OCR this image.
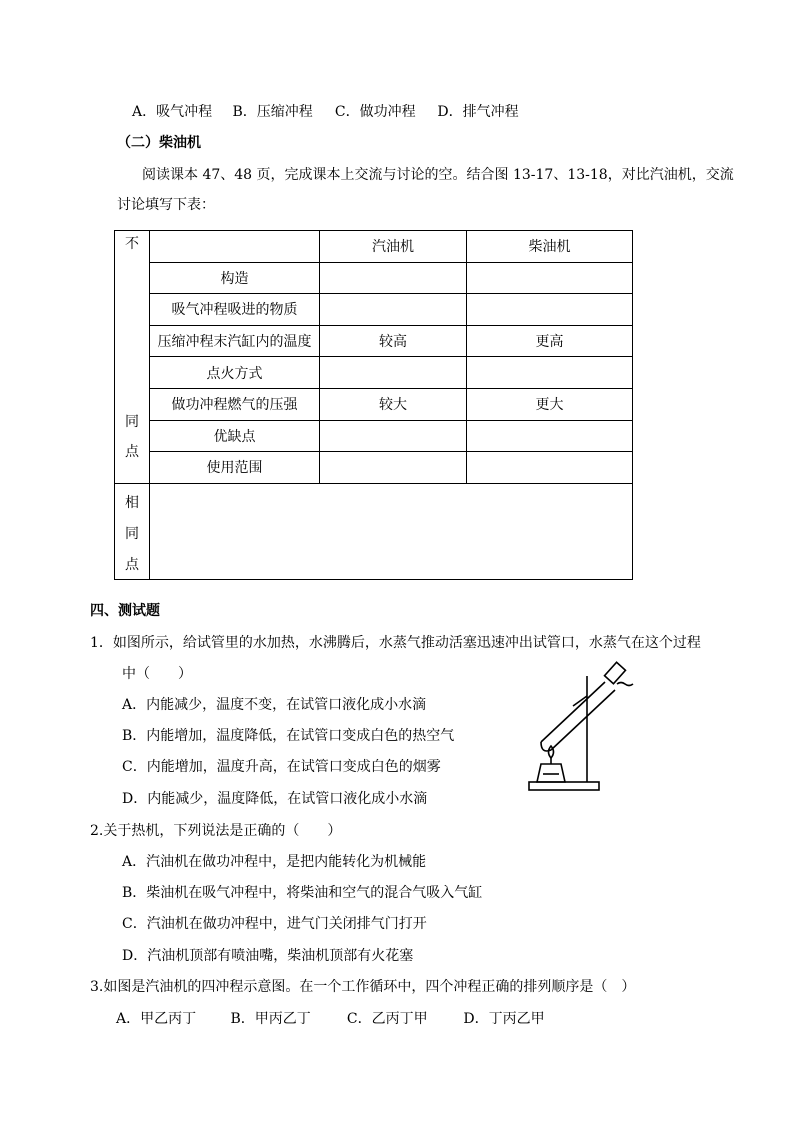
A．吸气冲程 B．压缩冲程 C．做功冲程 D．排气冲程
（二）柴油机
阅读课本 47、48 页，完成课本上交流与讨论的空。结合图 13-17、13-18，对比汽油机，交流
讨论填写下表：
不
同
点		汽油机	柴油机
	构造		
	吸气冲程吸进的物质		
	压缩冲程末汽缸内的温度	较高	更高
	点火方式		
	做功冲程燃气的压强	较大	更大
	优缺点		
	使用范围		

相
同
点			

四、测试题
1．如图所示，给试管里的水加热，水沸腾后，水蒸气推动活塞迅速冲出试管口，水蒸气在这个过程
中（　　）
A．内能减少，温度不变，在试管口液化成小水滴
B．内能增加，温度降低，在试管口变成白色的热空气
C．内能增加，温度升高，在试管口变成白色的烟雾
D．内能减少，温度降低，在试管口液化成小水滴
2.关于热机，下列说法是正确的（　　）
A．汽油机在做功冲程中，是把内能转化为机械能
B．柴油机在吸气冲程中，将柴油和空气的混合气吸入气缸
C．汽油机在做功冲程中，进气门关闭排气门打开
D．汽油机顶部有喷油嘴，柴油机顶部有火花塞
3.如图是汽油机的四冲程示意图。在一个工作循环中，四个冲程正确的排列顺序是（　）
A．甲乙丙丁 B．甲丙乙丁	C．乙丙丁甲	D．丁丙乙甲
